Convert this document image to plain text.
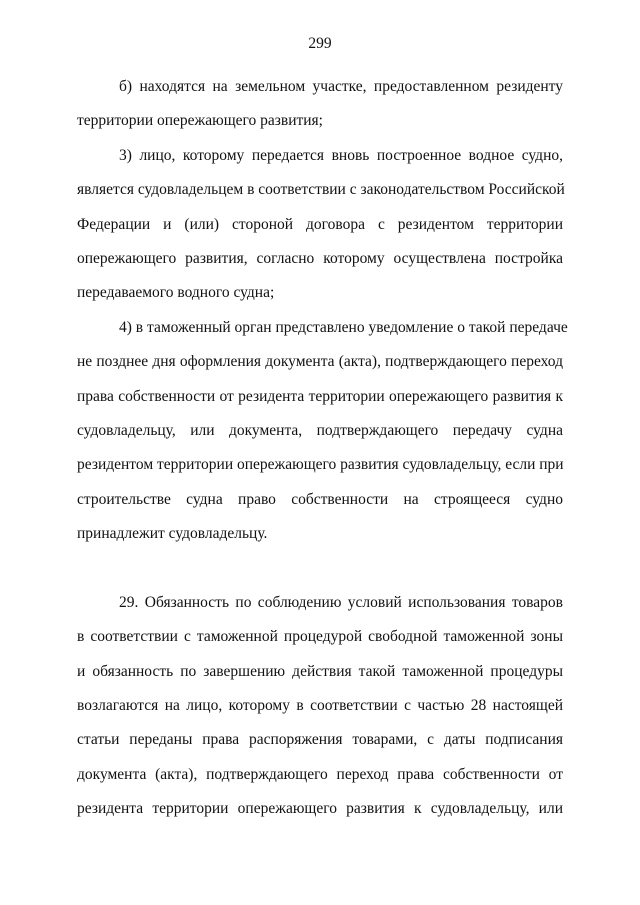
299
б) находятся на земельном участке, предоставленном резиденту
территории опережающего развития;
3) лицо, которому передается вновь построенное водное судно,
является судовладельцем в соответствии с законодательством Российской
Федерации и (или) стороной договора с резидентом территории
опережающего развития, согласно которому осуществлена постройка
передаваемого водного судна;
4) в таможенный орган представлено уведомление о такой передаче
не позднее дня оформления документа (акта), подтверждающего переход
права собственности от резидента территории опережающего развития к
судовладельцу, или документа, подтверждающего передачу судна
резидентом территории опережающего развития судовладельцу, если при
строительстве судна право собственности на строящееся судно
принадлежит судовладельцу.
29. Обязанность по соблюдению условий использования товаров
в соответствии с таможенной процедурой свободной таможенной зоны
и обязанность по завершению действия такой таможенной процедуры
возлагаются на лицо, которому в соответствии с частью 28 настоящей
статьи переданы права распоряжения товарами, с даты подписания
документа (акта), подтверждающего переход права собственности от
резидента территории опережающего развития к судовладельцу, или
